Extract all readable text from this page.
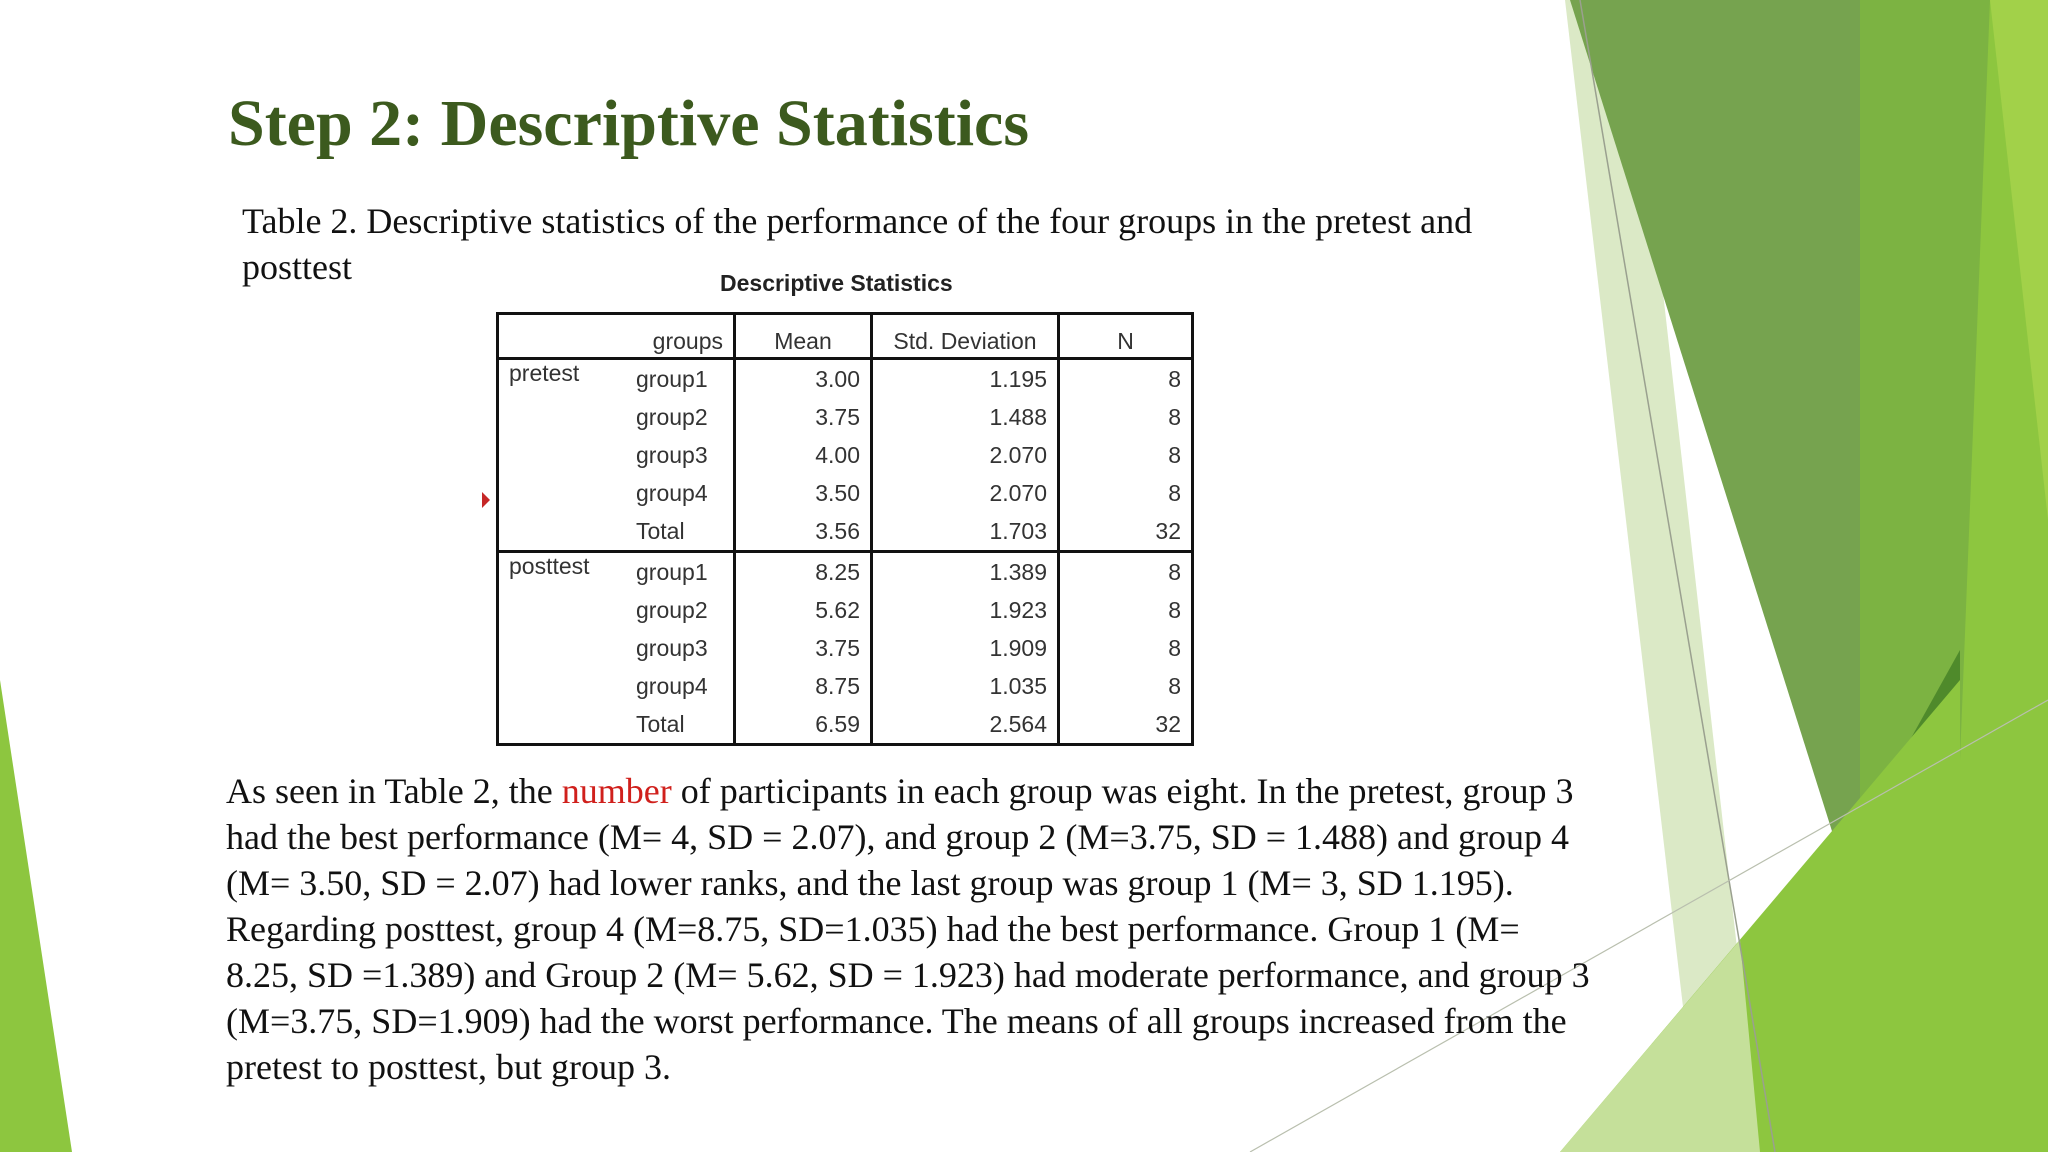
Step 2: Descriptive Statistics
Table 2. Descriptive statistics of the performance of the four groups in the pretest and posttest	Descriptive Statistics
	groups	Mean	Std. Deviation	N
pretest	group1	3.00	1.195	8
	group2	3.75	1.488	8
	group3	4.00	2.070	8
	group4	3.50	2.070	8
	Total	3.56	1.703	32
posttest	group1	8.25	1.389	8
	group2	5.62	1.923	8
	group3	3.75	1.909	8
	group4	8.75	1.035	8
	Total	6.59	2.564	32
As seen in Table 2, the number of participants in each group was eight. In the pretest, group 3 had the best performance (M= 4, SD = 2.07), and group 2 (M=3.75, SD = 1.488) and group 4 (M= 3.50, SD = 2.07) had lower ranks, and the last group was group 1 (M= 3, SD 1.195). Regarding posttest, group 4 (M=8.75, SD=1.035) had the best performance. Group 1 (M= 8.25, SD =1.389) and Group 2 (M= 5.62, SD = 1.923) had moderate performance, and group 3 (M=3.75, SD=1.909) had the worst performance. The means of all groups increased from the pretest to posttest, but group 3.
